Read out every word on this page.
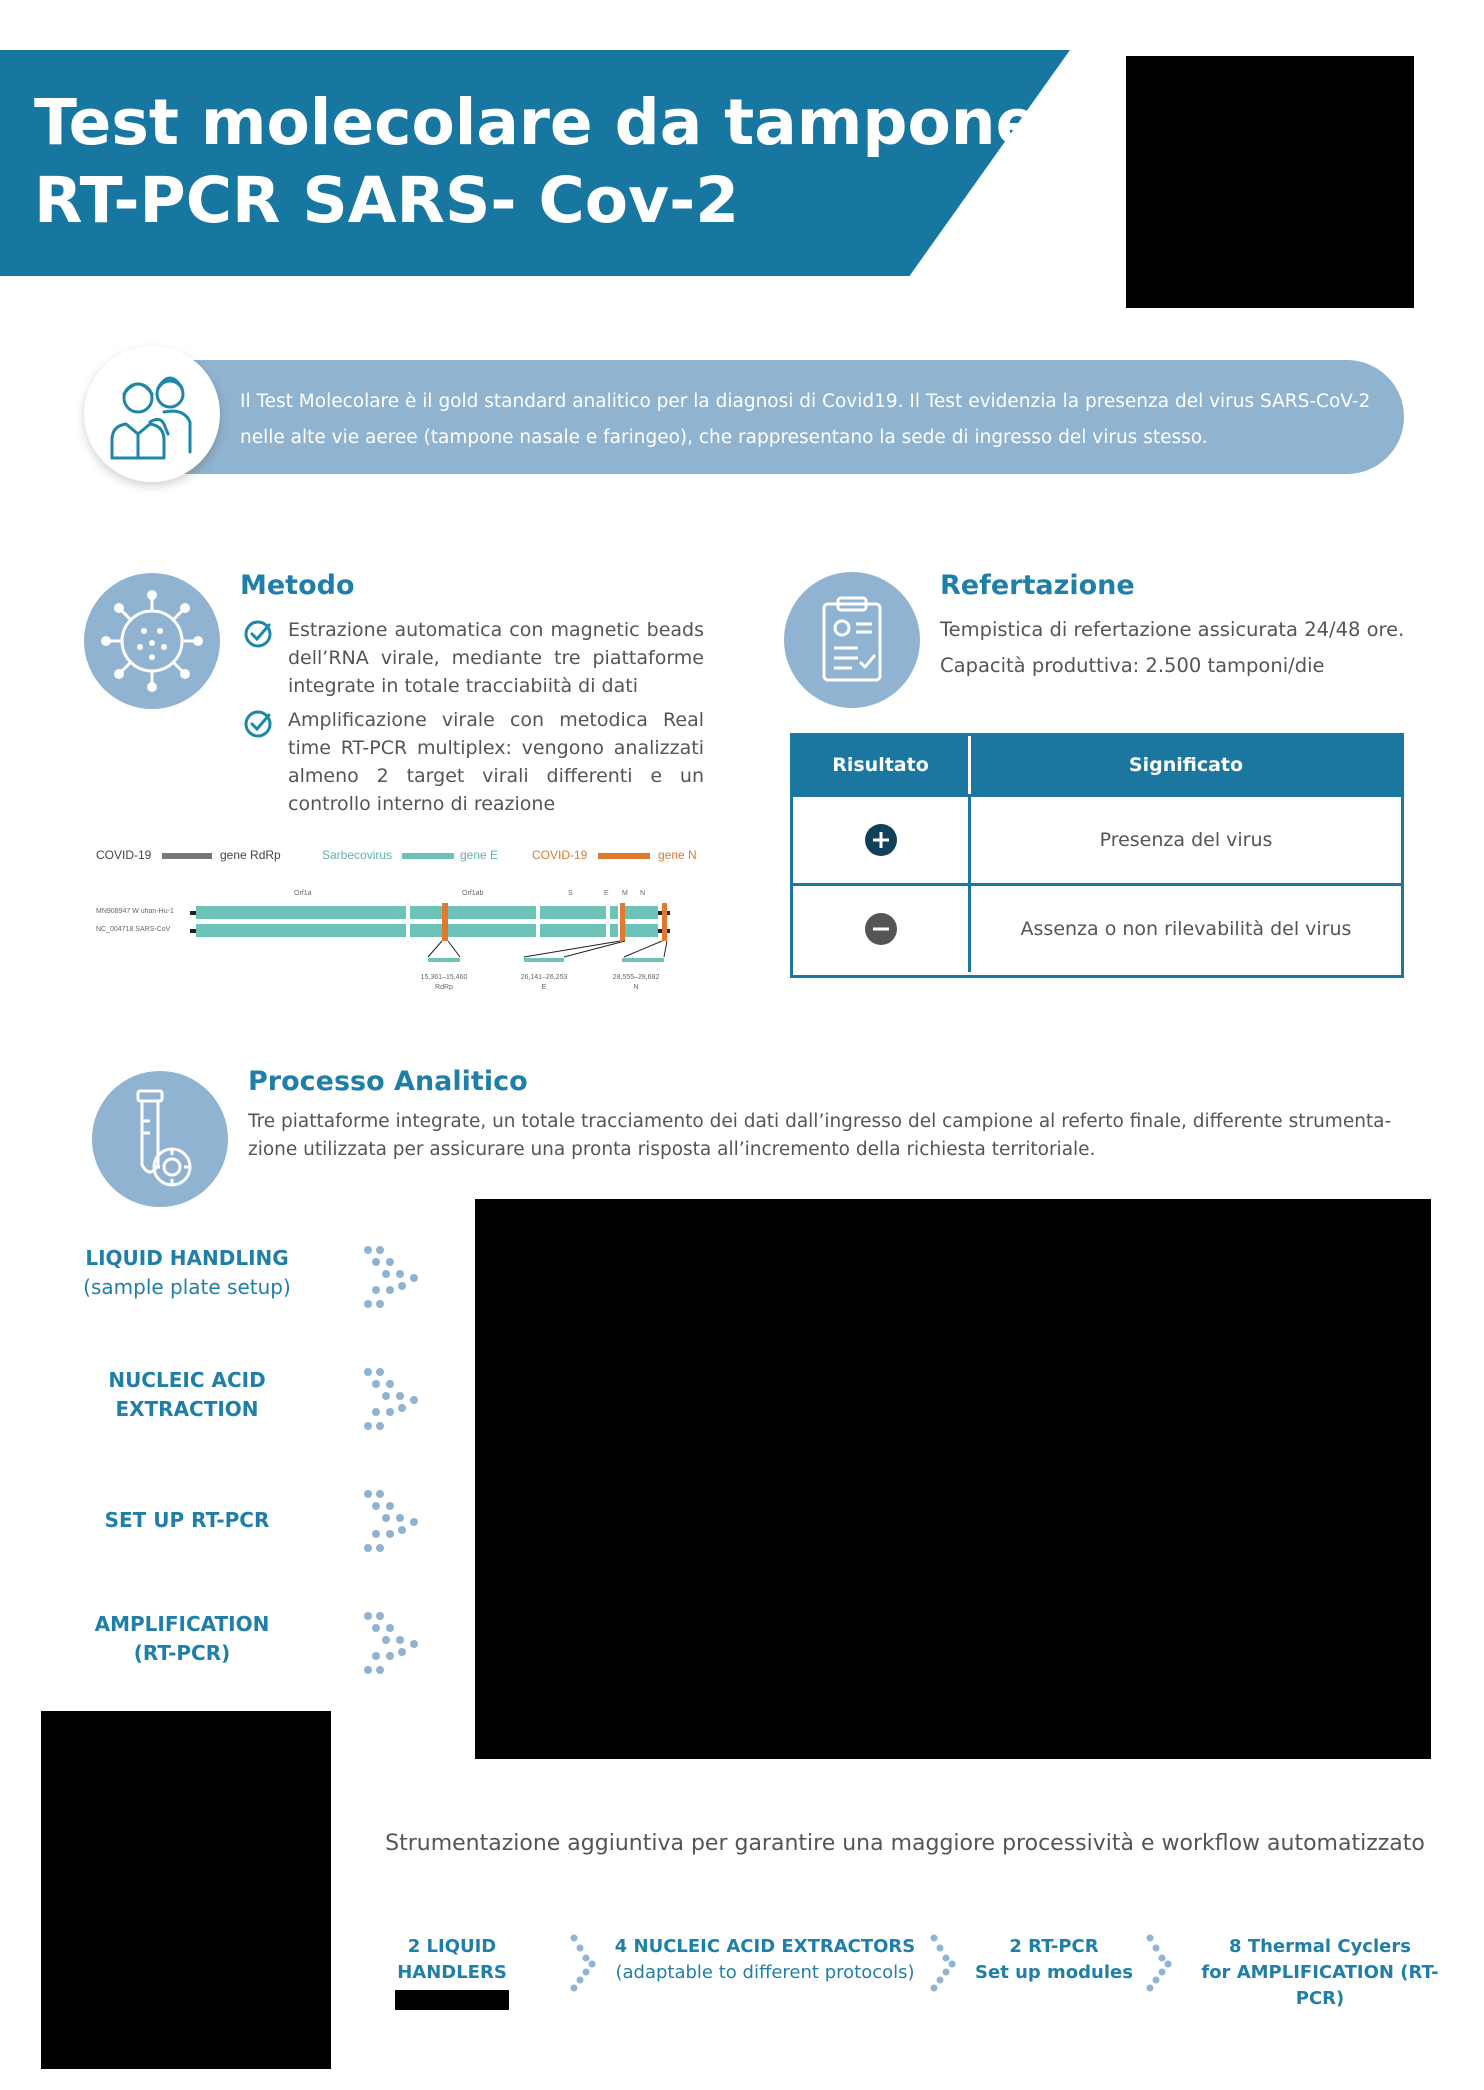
Test molecolare da tampone
RT-PCR SARS- Cov-2
Il Test Molecolare è il gold standard analitico per la diagnosi di Covid19. Il Test evidenzia la presenza del virus SARS-CoV-2
nelle alte vie aeree (tampone nasale e faringeo), che rappresentano la sede di ingresso del virus stesso.
Metodo
Estrazione automatica con magnetic beads dell’RNA virale, mediante tre piattaforme integrate in totale tracciabiità di dati
Amplificazione virale con metodica Real time RT-PCR multiplex: vengono analizzati almeno 2 target virali differenti e un controllo interno di reazione
COVID-19	gene RdRp	Sarbecovirus	gene E	COVID-19	gene N
Orf1a	Orf1ab	S	E M N
MN908947 W uhan-Hu-1
NC_004718 SARS-CoV
15,361–15,460
RdRp
26,141–26,253
E
28,555–28,682
N
Refertazione
Tempistica di refertazione assicurata 24/48 ore.
Capacità produttiva: 2.500 tamponi/die
Risultato	Significato
Presenza del virus
Assenza o non rilevabilità del virus
Processo Analitico
Tre piattaforme integrate, un totale tracciamento dei dati dall’ingresso del campione al referto finale, differente strumenta-
zione utilizzata per assicurare una pronta risposta all’incremento della richiesta territoriale.
LIQUID HANDLING
(sample plate setup)
NUCLEIC ACID
EXTRACTION
SET UP RT-PCR
AMPLIFICATION
(RT-PCR)
Strumentazione aggiuntiva per garantire una maggiore processività e workflow automatizzato
2 LIQUID HANDLERS
4 NUCLEIC ACID EXTRACTORS
(adaptable to different protocols)
2 RT-PCR
Set up modules
8 Thermal Cyclers
for AMPLIFICATION (RT-PCR)
